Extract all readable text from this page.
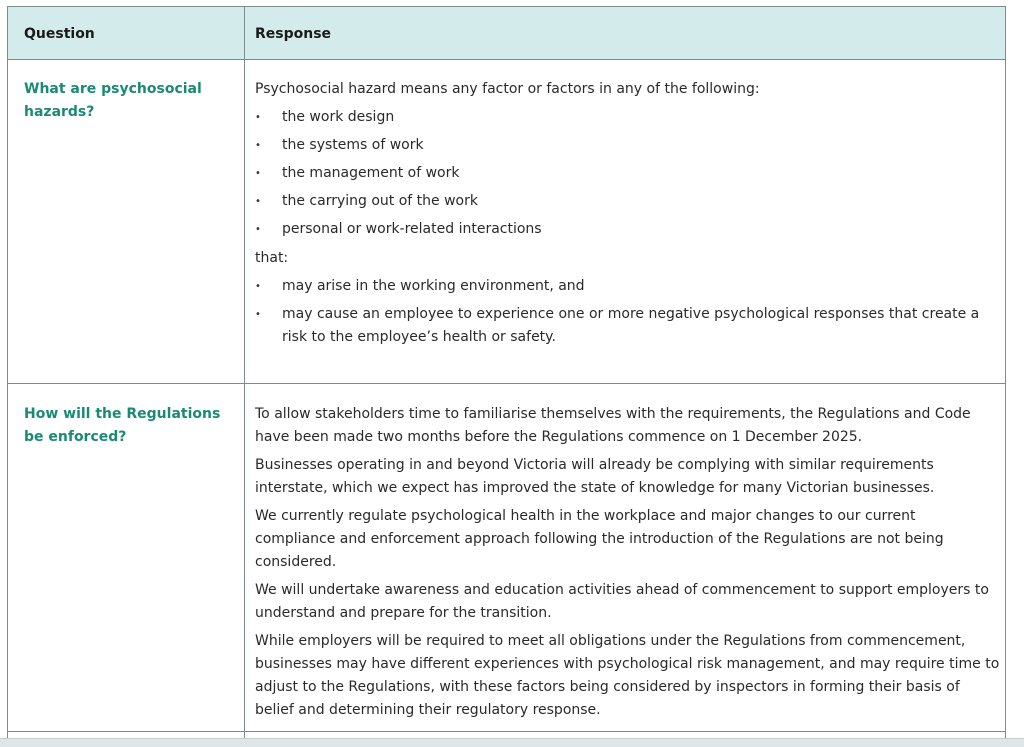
Question	Response
What are psychosocial hazards?

Psychosocial hazard means any factor or factors in any of the following:

• the work design
• the systems of work
• the management of work
• the carrying out of the work
• personal or work-related interactions

that:

• may arise in the working environment, and
• may cause an employee to experience one or more negative psychological responses that create a risk to the employee’s health or safety.
How will the Regulations be enforced?

To allow stakeholders time to familiarise themselves with the requirements, the Regulations and Code have been made two months before the Regulations commence on 1 December 2025.

Businesses operating in and beyond Victoria will already be complying with similar requirements interstate, which we expect has improved the state of knowledge for many Victorian businesses.

We currently regulate psychological health in the workplace and major changes to our current compliance and enforcement approach following the introduction of the Regulations are not being considered.

We will undertake awareness and education activities ahead of commencement to support employers to understand and prepare for the transition.

While employers will be required to meet all obligations under the Regulations from commencement, businesses may have different experiences with psychological risk management, and may require time to adjust to the Regulations, with these factors being considered by inspectors in forming their basis of belief and determining their regulatory response.
